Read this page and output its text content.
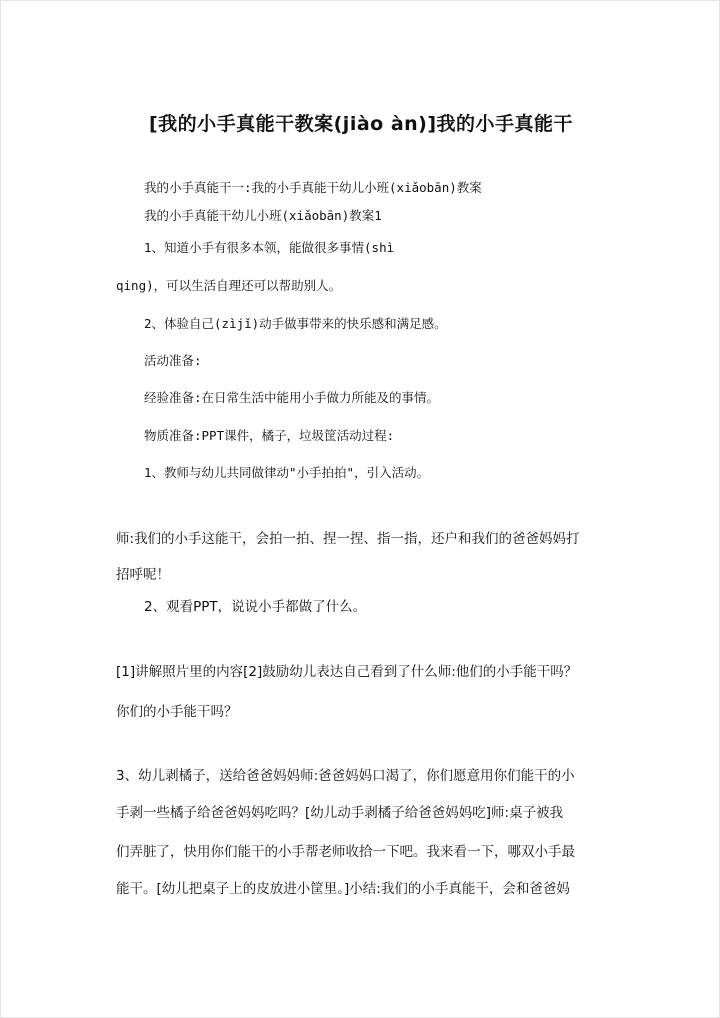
[我的小手真能干教案(jiào àn)]我的小手真能干
我的小手真能干一:我的小手真能干幼儿小班(xiǎobān)教案
我的小手真能干幼儿小班(xiǎobān)教案1
1、知道小手有很多本领，能做很多事情(shì
qing)，可以生活自理还可以帮助别人。
2、体验自己(zìjǐ)动手做事带来的快乐感和满足感。
活动准备:
经验准备:在日常生活中能用小手做力所能及的事情。
物质准备:PPT课件，橘子，垃圾筐活动过程:
1、教师与幼儿共同做律动"小手拍拍"，引入活动。
师:我们的小手这能干，会拍一拍、捏一捏、指一指，还户和我们的爸爸妈妈打
招呼呢！
2、观看PPT，说说小手都做了什么。
[1]讲解照片里的内容[2]鼓励幼儿表达自己看到了什么师:他们的小手能干吗？
你们的小手能干吗？
3、幼儿剥橘子，送给爸爸妈妈师:爸爸妈妈口渴了，你们愿意用你们能干的小
手剥一些橘子给爸爸妈妈吃吗？[幼儿动手剥橘子给爸爸妈妈吃]师:桌子被我
们弄脏了，快用你们能干的小手帮老师收拾一下吧。我来看一下，哪双小手最
能干。[幼儿把桌子上的皮放进小筐里。]小结:我们的小手真能干，会和爸爸妈
